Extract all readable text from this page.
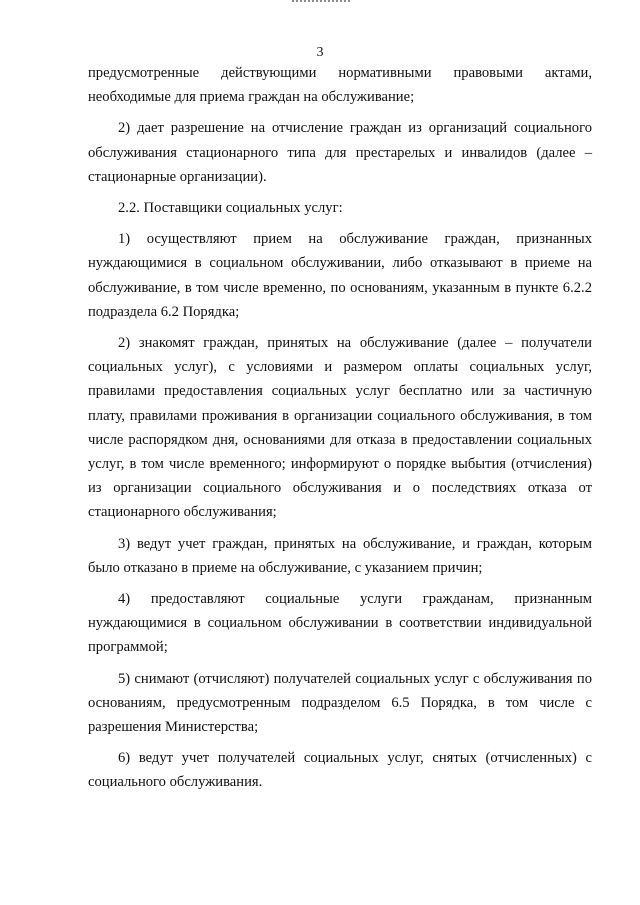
3

предусмотренные действующими нормативными правовыми актами, необходимые для приема граждан на обслуживание;

2) дает разрешение на отчисление граждан из организаций социального обслуживания стационарного типа для престарелых и инвалидов (далее – стационарные организации).

2.2. Поставщики социальных услуг:

1) осуществляют прием на обслуживание граждан, признанных нуждающимися в социальном обслуживании, либо отказывают в приеме на обслуживание, в том числе временно, по основаниям, указанным в пункте 6.2.2 подраздела 6.2 Порядка;

2) знакомят граждан, принятых на обслуживание (далее – получатели социальных услуг), с условиями и размером оплаты социальных услуг, правилами предоставления социальных услуг бесплатно или за частичную плату, правилами проживания в организации социального обслуживания, в том числе распорядком дня, основаниями для отказа в предоставлении социальных услуг, в том числе временного; информируют о порядке выбытия (отчисления) из организации социального обслуживания и о последствиях отказа от стационарного обслуживания;

3) ведут учет граждан, принятых на обслуживание, и граждан, которым было отказано в приеме на обслуживание, с указанием причин;

4) предоставляют социальные услуги гражданам, признанным нуждающимися в социальном обслуживании в соответствии индивидуальной программой;

5) снимают (отчисляют) получателей социальных услуг с обслуживания по основаниям, предусмотренным подразделом 6.5 Порядка, в том числе с разрешения Министерства;

6) ведут учет получателей социальных услуг, снятых (отчисленных) с социального обслуживания.
